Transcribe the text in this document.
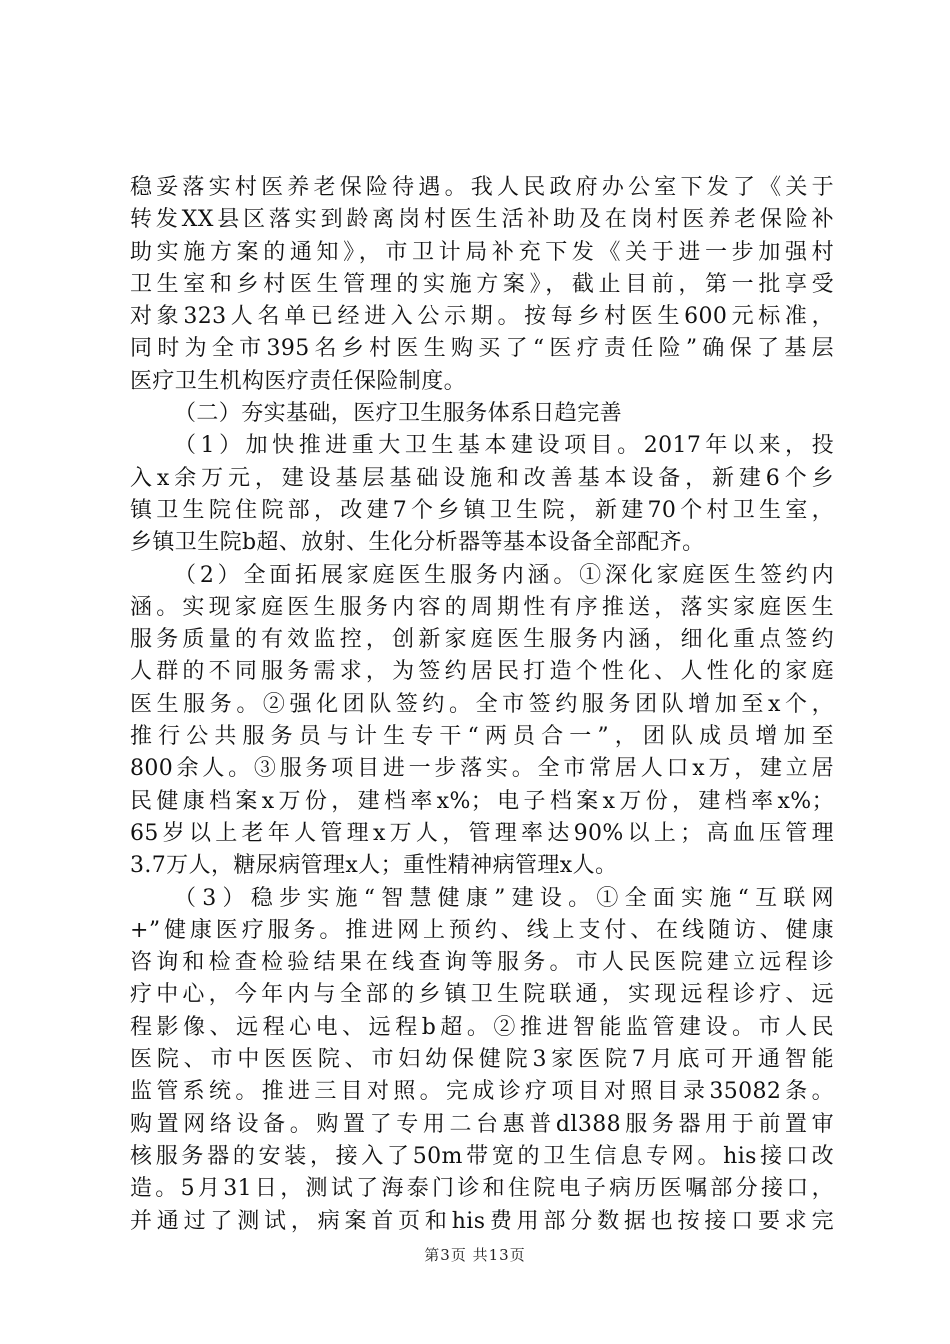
稳妥落实村医养老保险待遇。我人民政府办公室下发了《关于
转发XX县区落实到龄离岗村医生活补助及在岗村医养老保险补
助实施方案的通知》，市卫计局补充下发《关于进一步加强村
卫生室和乡村医生管理的实施方案》，截止目前，第一批享受
对象323人名单已经进入公示期。按每乡村医生600元标准，
同时为全市395名乡村医生购买了“医疗责任险”确保了基层
医疗卫生机构医疗责任保险制度。
（二）夯实基础，医疗卫生服务体系日趋完善
（1）加快推进重大卫生基本建设项目。2017年以来，投
入x余万元，建设基层基础设施和改善基本设备，新建6个乡
镇卫生院住院部，改建7个乡镇卫生院，新建70个村卫生室，
乡镇卫生院b超、放射、生化分析器等基本设备全部配齐。
（2）全面拓展家庭医生服务内涵。①深化家庭医生签约内
涵。实现家庭医生服务内容的周期性有序推送，落实家庭医生
服务质量的有效监控，创新家庭医生服务内涵，细化重点签约
人群的不同服务需求，为签约居民打造个性化、人性化的家庭
医生服务。②强化团队签约。全市签约服务团队增加至x个，
推行公共服务员与计生专干“两员合一”，团队成员增加至
800余人。③服务项目进一步落实。全市常居人口x万，建立居
民健康档案x万份，建档率x%；电子档案x万份，建档率x%；
65岁以上老年人管理x万人，管理率达90%以上；高血压管理
3.7万人，糖尿病管理x人；重性精神病管理x人。
（3）稳步实施“智慧健康”建设。①全面实施“互联网
+”健康医疗服务。推进网上预约、线上支付、在线随访、健康
咨询和检查检验结果在线查询等服务。市人民医院建立远程诊
疗中心，今年内与全部的乡镇卫生院联通，实现远程诊疗、远
程影像、远程心电、远程b超。②推进智能监管建设。市人民
医院、市中医医院、市妇幼保健院3家医院7月底可开通智能
监管系统。推进三目对照。完成诊疗项目对照目录35082条。
购置网络设备。购置了专用二台惠普dl388服务器用于前置审
核服务器的安装，接入了50m带宽的卫生信息专网。his接口改
造。5月31日，测试了海泰门诊和住院电子病历医嘱部分接口，
并通过了测试，病案首页和his费用部分数据也按接口要求完
第3页 共13页
